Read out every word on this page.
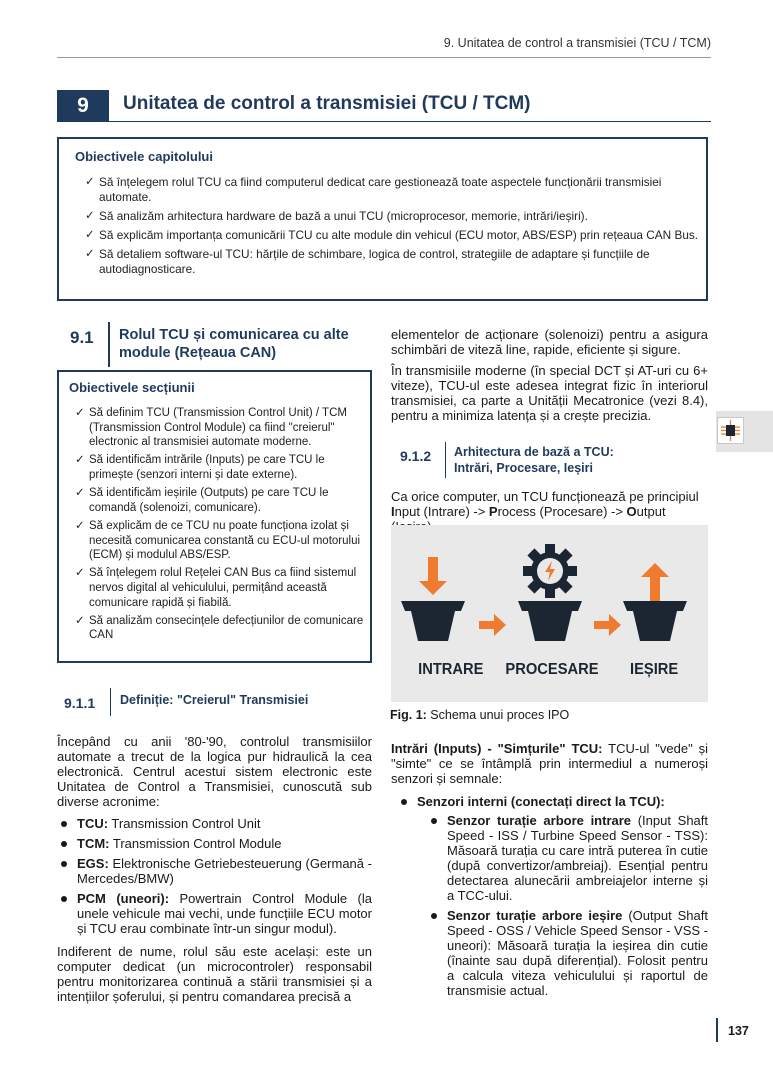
9. Unitatea de control a transmisiei (TCU / TCM)
9	Unitatea de control a transmisiei (TCU / TCM)
Obiectivele capitolului
✓ Să înțelegem rolul TCU ca fiind computerul dedicat care gestionează toate aspectele funcționării transmisiei automate.
✓ Să analizăm arhitectura hardware de bază a unui TCU (microprocesor, memorie, intrări/ieșiri).
✓ Să explicăm importanța comunicării TCU cu alte module din vehicul (ECU motor, ABS/ESP) prin rețeaua CAN Bus.
✓ Să detaliem software-ul TCU: hărțile de schimbare, logica de control, strategiile de adaptare și funcțiile de autodiagnosticare.
9.1 Rolul TCU și comunicarea cu alte module (Rețeaua CAN)
Obiectivele secțiunii
✓ Să definim TCU (Transmission Control Unit) / TCM (Transmission Control Module) ca fiind "creierul" electronic al transmisiei automate moderne.
✓ Să identificăm intrările (Inputs) pe care TCU le primește (senzori interni și date externe).
✓ Să identificăm ieșirile (Outputs) pe care TCU le comandă (solenoizi, comunicare).
✓ Să explicăm de ce TCU nu poate funcționa izolat și necesită comunicarea constantă cu ECU-ul motorului (ECM) și modulul ABS/ESP.
✓ Să înțelegem rolul Rețelei CAN Bus ca fiind sistemul nervos digital al vehiculului, permițând această comunicare rapidă și fiabilă.
✓ Să analizăm consecințele defecțiunilor de comunicare CAN
9.1.1 Definiție: "Creierul" Transmisiei
Începând cu anii '80-'90, controlul transmisiilor automate a trecut de la logica pur hidraulică la cea electronică. Centrul acestui sistem electronic este Unitatea de Control a Transmisiei, cunoscută sub diverse acronime:
TCU: Transmission Control Unit
TCM: Transmission Control Module
EGS: Elektronische Getriebesteuerung (Germană - Mercedes/BMW)
PCM (uneori): Powertrain Control Module (la unele vehicule mai vechi, unde funcțiile ECU motor și TCU erau combinate într-un singur modul).
Indiferent de nume, rolul său este același: este un computer dedicat (un microcontroler) responsabil pentru monitorizarea continuă a stării transmisiei și a intențiilor șoferului, și pentru comandarea precisă a
elementelor de acționare (solenoizi) pentru a asigura schimbări de viteză line, rapide, eficiente și sigure.
În transmisiile moderne (în special DCT și AT-uri cu 6+ viteze), TCU-ul este adesea integrat fizic în interiorul transmisiei, ca parte a Unității Mecatronice (vezi 8.4), pentru a minimiza latența și a crește precizia.
9.1.2 Arhitectura de bază a TCU:
Intrări, Procesare, Ieșiri
Ca orice computer, un TCU funcționează pe principiul Input (Intrare) -> Process (Procesare) -> Output
INTRARE PROCESARE IEȘIRE
Fig. 1: Schema unui proces IPO
Intrări (Inputs) - "Simțurile" TCU: TCU-ul "vede" și "simte" ce se întâmplă prin intermediul a numeroși senzori și semnale:
Senzori interni (conectați direct la TCU):
Senzor turație arbore intrare (Input Shaft Speed - ISS / Turbine Speed Sensor - TSS): Măsoară turația cu care intră puterea în cutie (după convertizor/ambreiaj). Esențial pentru detectarea alunecării ambreiajelor interne și a TCC-ului.
Senzor turație arbore ieșire (Output Shaft Speed - OSS / Vehicle Speed Sensor - VSS - uneori): Măsoară turația la ieșirea din cutie (înainte sau după diferențial). Folosit pentru a calcula viteza vehiculului și raportul de transmisie actual.
137
